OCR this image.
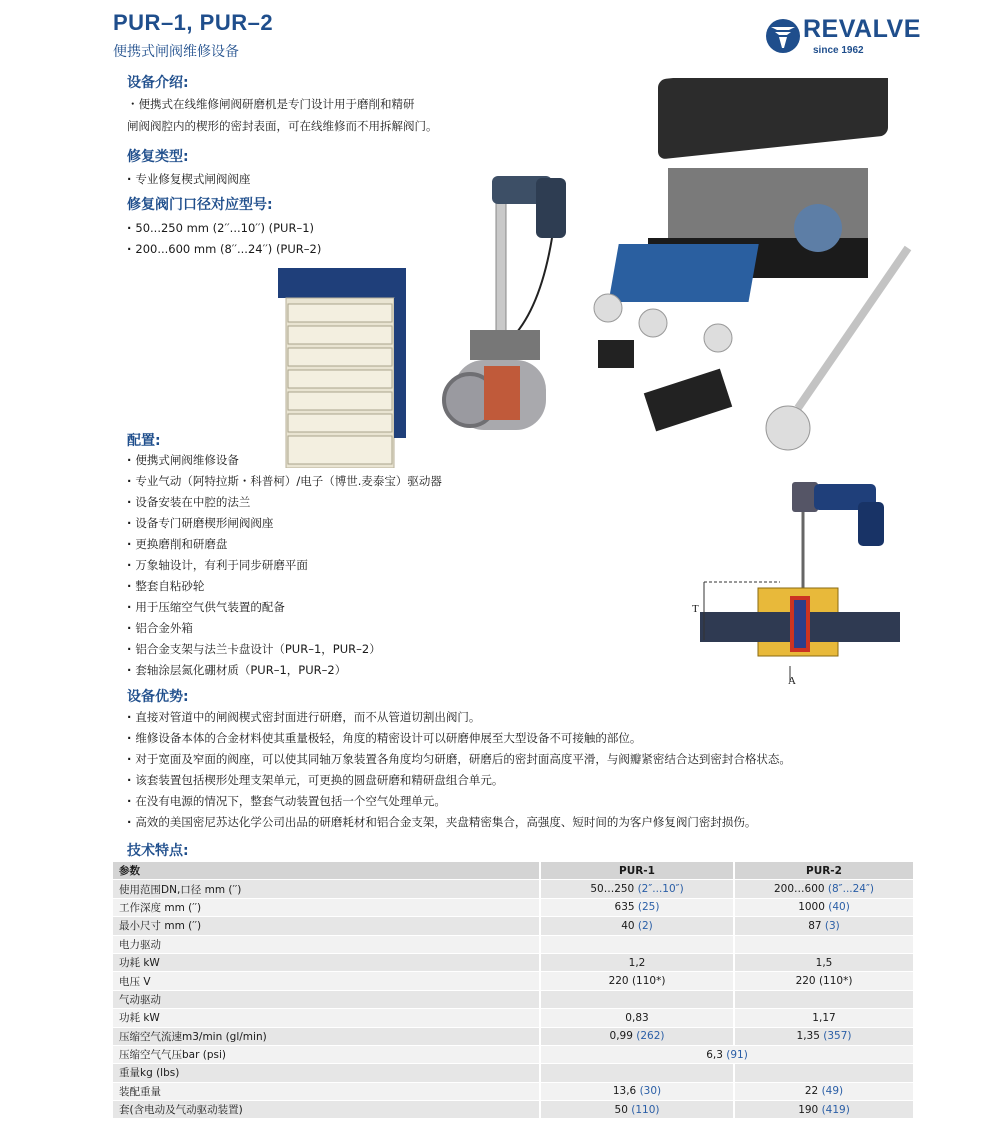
PUR–1, PUR–2
便携式闸阀维修设备
REVALVE
since 1962
设备介绍:
・便携式在线维修闸阀研磨机是专门设计用于磨削和精研
闸阀阀腔内的楔形的密封表面，可在线维修而不用拆解阀门。
修复类型:
· 专业修复楔式闸阀阀座
修复阀门口径对应型号:
· 50...250 mm (2′′...10′′) (PUR–1)
· 200...600 mm (8′′...24′′) (PUR–2)
T
A
配置:
· 便携式闸阀维修设备
· 专业气动（阿特拉斯・科普柯）/电子（博世.麦泰宝）驱动器
· 设备安装在中腔的法兰
· 设备专门研磨楔形闸阀阀座
· 更换磨削和研磨盘
· 万象轴设计，有利于同步研磨平面
· 整套自粘砂轮
· 用于压缩空气供气装置的配备
· 铝合金外箱
· 铝合金支架与法兰卡盘设计（PUR–1，PUR–2）
· 套轴涂层氮化硼材质（PUR–1，PUR–2）
设备优势:
· 直接对管道中的闸阀楔式密封面进行研磨，而不从管道切割出阀门。
· 维修设备本体的合金材料使其重量极轻，角度的精密设计可以研磨伸展至大型设备不可接触的部位。
· 对于宽面及窄面的阀座，可以使其同轴万象装置各角度均匀研磨，研磨后的密封面高度平滑，与阀瓣紧密结合达到密封合格状态。
· 该套装置包括楔形处理支架单元，可更换的圆盘研磨和精研盘组合单元。
· 在没有电源的情况下，整套气动装置包括一个空气处理单元。
· 高效的美国密尼苏达化学公司出品的研磨耗材和铝合金支架，夹盘精密集合，高强度、短时间的为客户修复阀门密封损伤。
技术特点:
参数	PUR-1	PUR-2
使用范围DN,口径 mm (′′)	50…250 (2″...10″)	200…600 (8″...24″)
工作深度 mm (′′)	635 (25)	1000 (40)
最小尺寸 mm (′′)	40 (2)	87 (3)
电力驱动		
功耗 kW	1,2	1,5
电压 V	220 (110*)	220 (110*)
气动驱动		
功耗 kW	0,83	1,17
压缩空气流速m3/min (gl/min)	0,99 (262)	1,35 (357)
压缩空气气压bar (psi)	6,3 (91)	
重量kg (lbs)		
装配重量	13,6 (30)	22 (49)
套(含电动及气动驱动装置)	50 (110)	190 (419)
